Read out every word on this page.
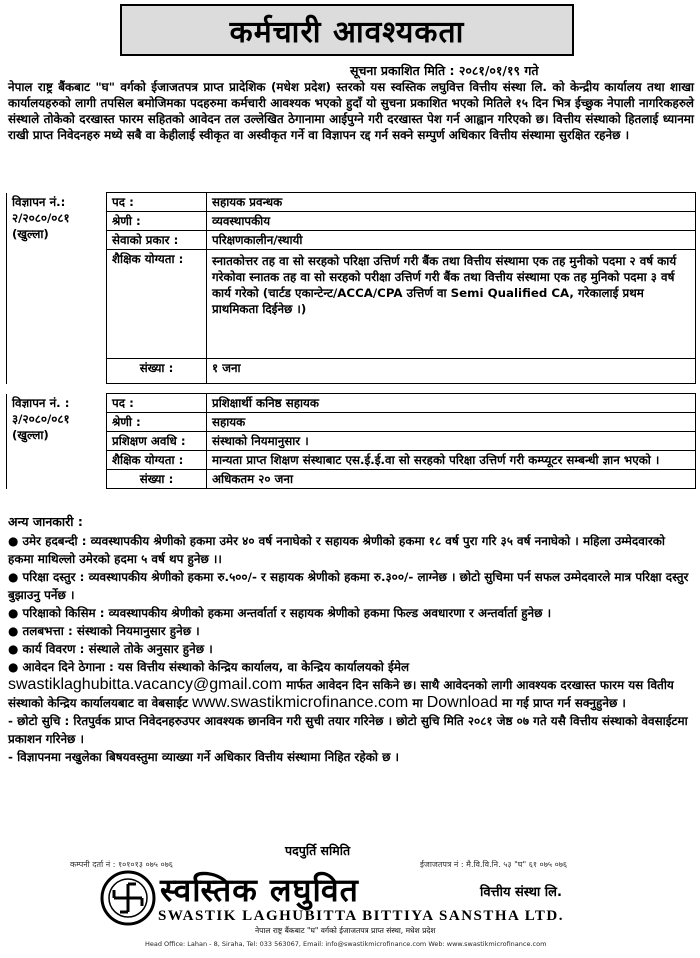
कर्मचारी आवश्यकता
सूचना प्रकाशित मिति : २०८१/०१/१९ गते
नेपाल राष्ट्र बैंकबाट "घ" वर्गको ईजाजतपत्र प्राप्त प्रादेशिक (मधेश प्रदेश) स्तरको यस स्वस्तिक लघुवित्त वित्तीय संस्था लि. को केन्द्रीय कार्यालय तथा शाखा कार्यालयहरुको लागी तपसिल बमोजिमका पदहरुमा कर्मचारी आवश्यक भएको हुदाँ यो सुचना प्रकाशित भएको मितिले १५ दिन भित्र ईच्छुक नेपाली नागरिकहरुले संस्थाले तोकेको दरखास्त फारम सहितको आवेदन तल उल्लेखित ठेगानामा आईपुग्ने गरी दरखास्त पेश गर्न आह्वान गरिएको छ। वित्तीय संस्थाको हितलाई ध्यानमा राखी प्राप्त निवेदनहरु मध्ये सबै वा केहीलाई स्वीकृत वा अस्वीकृत गर्ने वा विज्ञापन रद्द गर्न सक्ने सम्पुर्ण अधिकार वित्तीय संस्थामा सुरक्षित रहनेछ ।
विज्ञापन नं.:
२/२०८०/०८१
(खुल्ला)	पद :	सहायक प्रवन्धक
	श्रेणी :	व्यवस्थापकीय
	सेवाको प्रकार :	परिक्षणकालीन/स्थायी
	शैक्षिक योग्यता :	स्नातकोत्तर तह वा सो सरहको परिक्षा उत्तिर्ण गरी बैंक तथा वित्तीय संस्थामा एक तह मुनीको पदमा २ वर्ष कार्य गरेकोवा स्नातक तह वा सो सरहको परीक्षा उत्तिर्ण गरी बैंक तथा वित्तीय संस्थामा एक तह मुनिको पदमा ३ वर्ष कार्य गरेको (चार्टड एकान्टेन्ट/ACCA/CPA उत्तिर्ण वा Semi Qualified CA, गरेकालाई प्रथम प्राथमिकता दिईनेछ ।)
	संख्या :	१ जना
विज्ञापन नं. :
३/२०८०/०८१
(खुल्ला)	पद :	प्रशिक्षार्थी कनिष्ठ सहायक
	श्रेणी :	सहायक
	प्रशिक्षण अवधि :	संस्थाको नियमानुसार ।
	शैक्षिक योग्यता :	मान्यता प्राप्त शिक्षण संस्थाबाट एस.ई.ई.वा सो सरहको परिक्षा उत्तिर्ण गरी कम्प्यूटर सम्बन्धी ज्ञान भएको ।
	संख्या :	अधिकतम २० जना
अन्य जानकारी :

● उमेर हदबन्दी : व्यवस्थापकीय श्रेणीको हकमा उमेर ४० वर्ष ननाघेको र सहायक श्रेणीको हकमा १८ वर्ष पुरा गरि ३५ वर्ष ननाघेको । महिला उम्मेदवारको हकमा माथिल्लो उमेरको हदमा ५ वर्ष थप हुनेछ ।।

● परिक्षा दस्तुर : व्यवस्थापकीय श्रेणीको हकमा रु.५००/- र सहायक श्रेणीको हकमा रु.३००/- लाग्नेछ । छोटो सुचिमा पर्न सफल उम्मेदवारले मात्र परिक्षा दस्तुर बुझाउनु पर्नेछ ।

● परिक्षाको किसिम : व्यवस्थापकीय श्रेणीको हकमा अन्तर्वार्ता र सहायक श्रेणीको हकमा फिल्ड अवधारणा र अन्तर्वार्ता हुनेछ ।

● तलबभत्ता : संस्थाको नियमानुसार हुनेछ ।

● कार्य विवरण : संस्थाले तोके अनुसार हुनेछ ।

● आवेदन दिने ठेगाना : यस वित्तीय संस्थाको केन्द्रिय कार्यालय, वा केन्द्रिय कार्यालयको ईमेल

swastiklaghubitta.vacancy@gmail.com मार्फत आवेदन दिन सकिने छ। साथै आवेदनको लागी आवश्यक दरखास्त फारम यस वितीय संस्थाको केन्द्रिय कार्यालयबाट वा वेबसाईट www.swastikmicrofinance.com मा Download मा गई प्राप्त गर्न सक्नुहुनेछ ।

- छोटो सुचि : रितपुर्वक प्राप्त निवेदनहरुउपर आवश्यक छानविन गरी सुची तयार गरिनेछ । छोटो सुचि मिति २०८१ जेष्ठ ०७ गते यसै वित्तीय संस्थाको वेवसाईटमा प्रकाशन गरिनेछ ।

- विज्ञापनमा नखुलेका बिषयवस्तुमा व्याख्या गर्ने अधिकार वित्तीय संस्थामा निहित रहेको छ ।

पदपुर्ति समिति
कम्पनी दर्ता नं : १०१०१३ ०७५ ०७६	ईजाजतपत्र नं : मै.वि.वि.नि. ५३ "घ" ६१ ०७५ ०७६
स्वस्तिक लघुवित	वित्तीय संस्था लि.
SWASTIK LAGHUBITTA BITTIYA SANSTHA LTD.
नेपाल राष्ट्र बैंकबाट "घ" वर्गको ईजाजतपत्र प्राप्त संस्था, मधेश प्रदेश
Head Office: Lahan - 8, Siraha, Tel: 033 563067, Email: info@swastikmicrofinance.com Web: www.swastikmicrofinance.com
